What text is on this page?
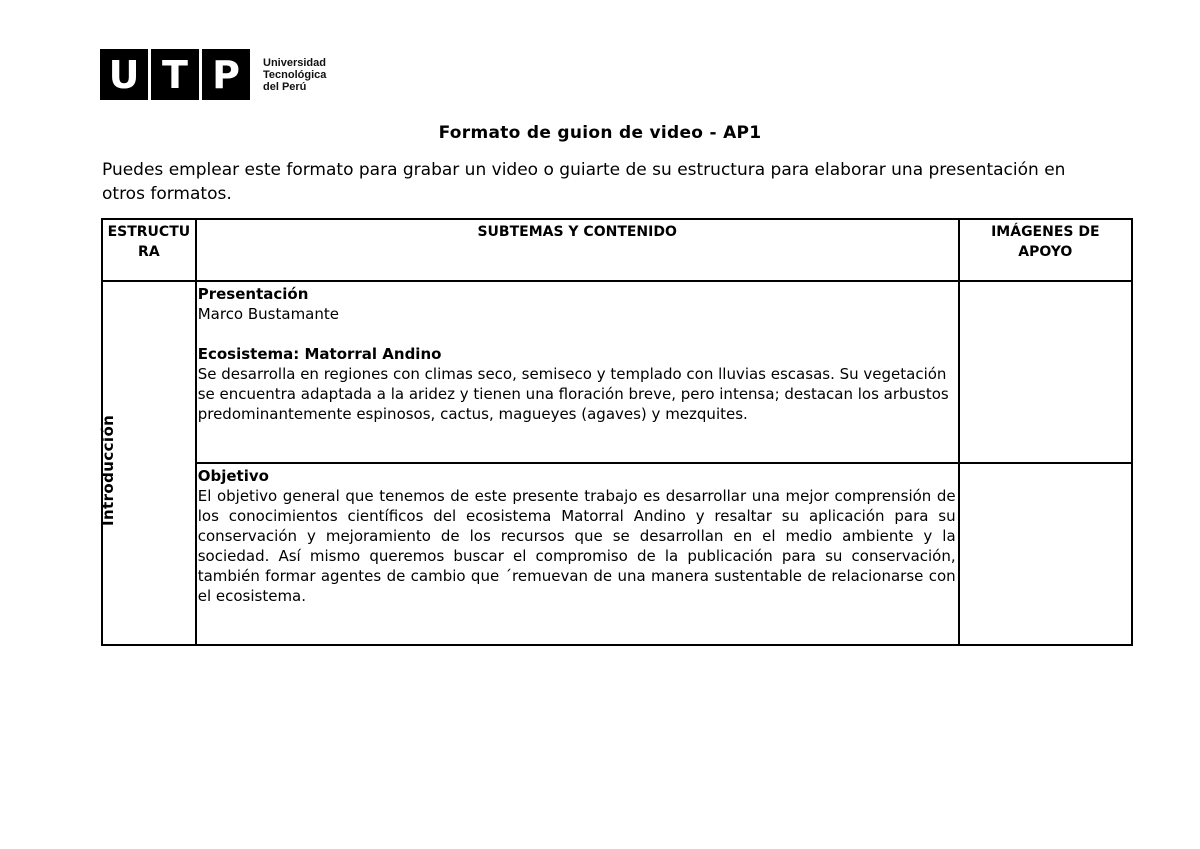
U T P	Universidad
Tecnológica
del Perú
Formato de guion de video - AP1
Puedes emplear este formato para grabar un video o guiarte de su estructura para elaborar una presentación en otros formatos.
ESTRUCTURA	SUBTEMAS Y CONTENIDO	IMÁGENES DE APOYO

Introducción	Presentación
Marco Bustamante
Ecosistema: Matorral Andino
Se desarrolla en regiones con climas seco, semiseco y templado con lluvias escasas. Su vegetación se encuentra adaptada a la aridez y tienen una floración breve, pero intensa; destacan los arbustos predominantemente espinosos, cactus, magueyes (agaves) y mezquites.	

	Objetivo
El objetivo general que tenemos de este presente trabajo es desarrollar una mejor comprensión de los conocimientos científicos del ecosistema Matorral Andino y resaltar su aplicación para su conservación y mejoramiento de los recursos que se desarrollan en el medio ambiente y la sociedad. Así mismo queremos buscar el compromiso de la publicación para su conservación, también formar agentes de cambio que ´remuevan de una manera sustentable de relacionarse con el ecosistema.	
